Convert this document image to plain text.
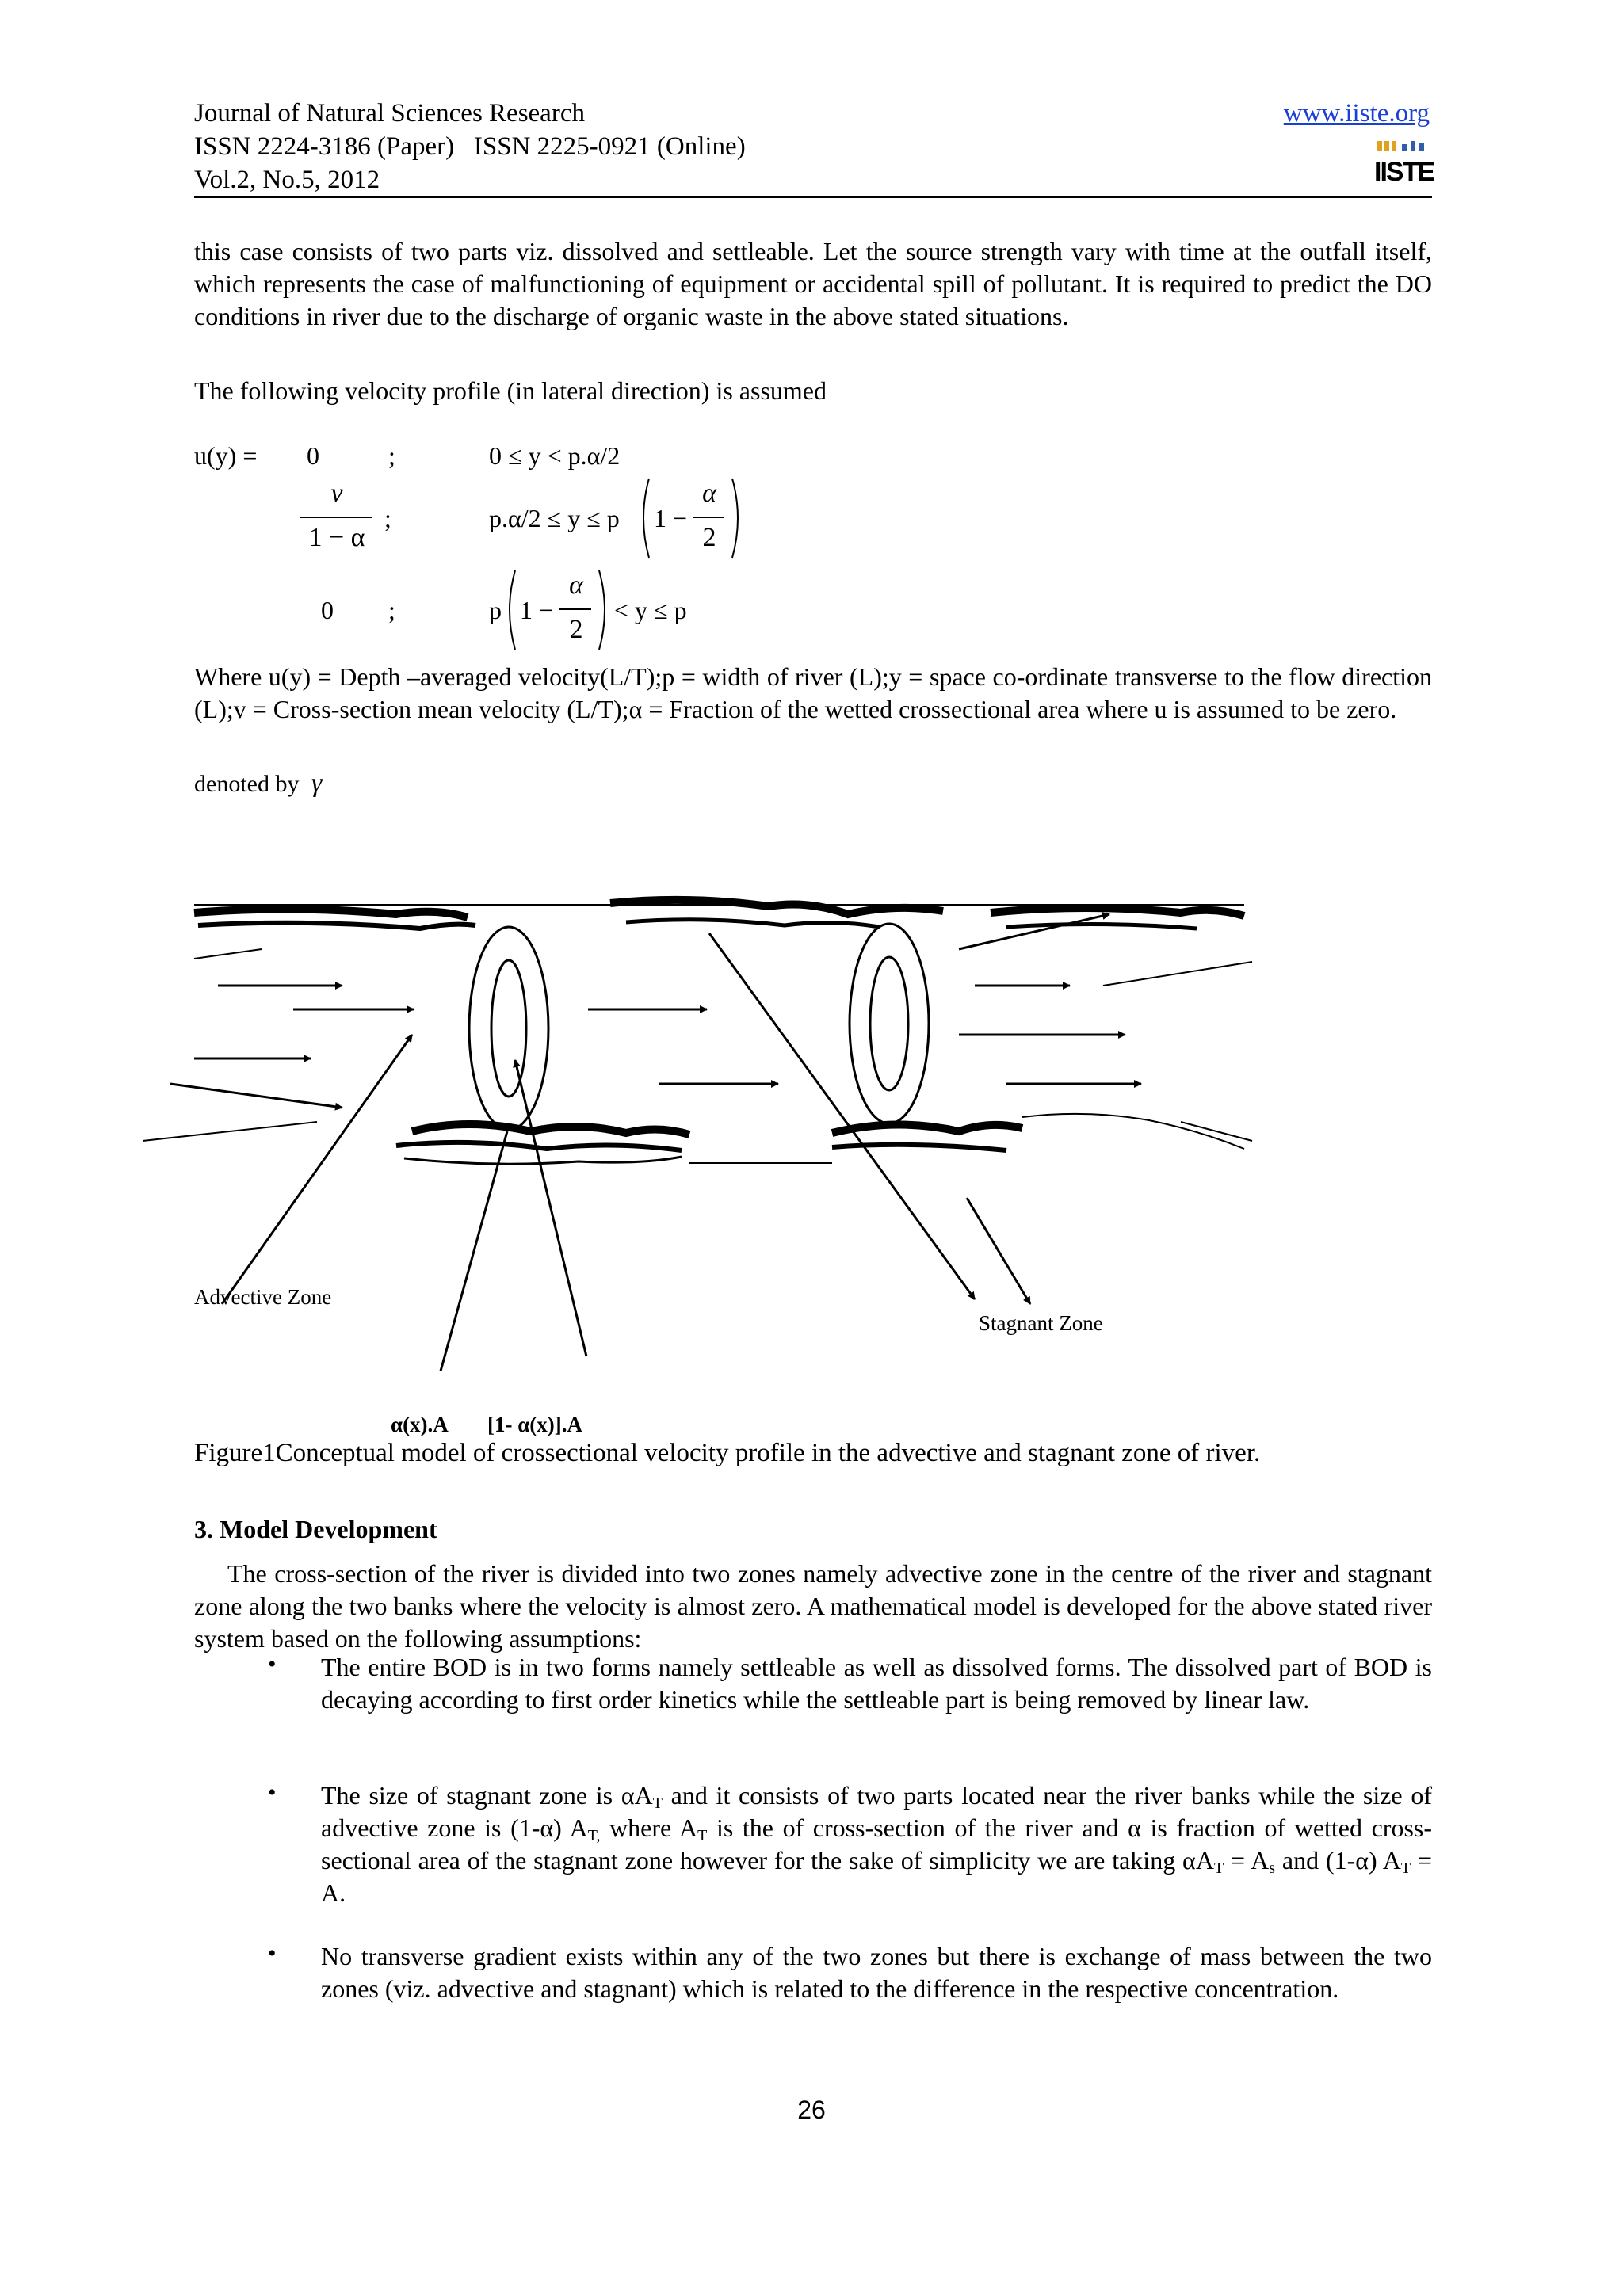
Journal of Natural Sciences Research
ISSN 2224-3186 (Paper)   ISSN 2225-0921 (Online)
Vol.2, No.5, 2012
www.iiste.org
IISTE
this case consists of two parts viz. dissolved and settleable. Let the source strength vary with time at the outfall itself, which represents the case of malfunctioning of equipment or accidental spill of pollutant. It is required to predict the DO conditions in river due to the discharge of organic waste in the above stated situations.
The following velocity profile (in lateral direction) is assumed
u(y) = 0	;	0 ≤ y < p.α/2
v
1 − α
;	p.α/2 ≤ y ≤ p 1 −
α
2
0 ;	p 1 −
α
2
< y ≤ p
Where u(y) = Depth –averaged velocity(L/T);p = width of river (L);y = space co-ordinate transverse to the flow direction (L);v = Cross-section mean velocity (L/T);α = Fraction of the wetted crossectional area where u is assumed to be zero.
denoted by γ
Advective Zone
Stagnant Zone
α(x).A [1- α(x)].A
Figure1Conceptual model of crossectional velocity profile in the advective and stagnant zone of river.
3. Model Development
The cross-section of the river is divided into two zones namely advective zone in the centre of the river and stagnant zone along the two banks where the velocity is almost zero. A mathematical model is developed for the above stated river system based on the following assumptions:
• The entire BOD is in two forms namely settleable as well as dissolved forms. The dissolved part of BOD is decaying according to first order kinetics while the settleable part is being removed by linear law.
• The size of stagnant zone is $\alpha A_T$ and it consists of two parts located near the river banks while the size of advective zone is (1-α) $A_{T,}$ where $A_T$ is the of cross-section of the river and α is fraction of wetted cross-sectional area of the stagnant zone however for the sake of simplicity we are taking $\alpha A_T = A_s$ and (1-α) $A_T = A$.
• No transverse gradient exists within any of the two zones but there is exchange of mass between the two zones (viz. advective and stagnant) which is related to the difference in the respective concentration.
26
